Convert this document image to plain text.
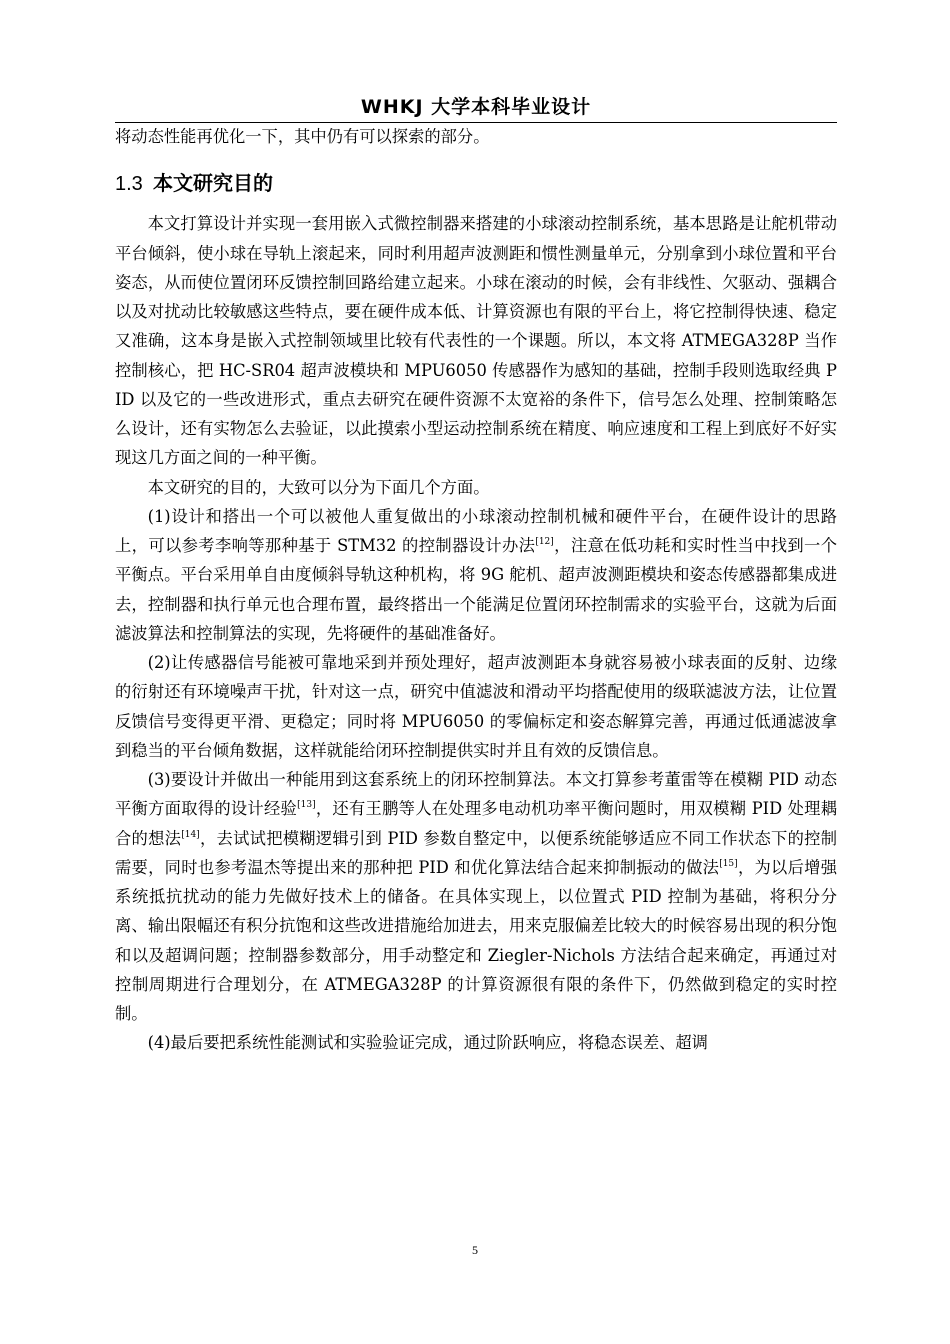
WHKJ 大学本科毕业设计

将动态性能再优化一下，其中仍有可以探索的部分。

1.3 本文研究目的

本文打算设计并实现一套用嵌入式微控制器来搭建的小球滚动控制系统，基本思路是让舵机带动平台倾斜，使小球在导轨上滚起来，同时利用超声波测距和惯性测量单元，分别拿到小球位置和平台姿态，从而使位置闭环反馈控制回路给建立起来。小球在滚动的时候，会有非线性、欠驱动、强耦合以及对扰动比较敏感这些特点，要在硬件成本低、计算资源也有限的平台上，将它控制得快速、稳定又准确，这本身是嵌入式控制领域里比较有代表性的一个课题。所以，本文将 ATMEGA328P 当作控制核心，把 HC-SR04 超声波模块和 MPU6050 传感器作为感知的基础，控制手段则选取经典 PID 以及它的一些改进形式，重点去研究在硬件资源不太宽裕的条件下，信号怎么处理、控制策略怎么设计，还有实物怎么去验证，以此摸索小型运动控制系统在精度、响应速度和工程上到底好不好实现这几方面之间的一种平衡。

本文研究的目的，大致可以分为下面几个方面。

(1)设计和搭出一个可以被他人重复做出的小球滚动控制机械和硬件平台，在硬件设计的思路上，可以参考李响等那种基于 STM32 的控制器设计办法[12]，注意在低功耗和实时性当中找到一个平衡点。平台采用单自由度倾斜导轨这种机构，将 9G 舵机、超声波测距模块和姿态传感器都集成进去，控制器和执行单元也合理布置，最终搭出一个能满足位置闭环控制需求的实验平台，这就为后面滤波算法和控制算法的实现，先将硬件的基础准备好。

(2)让传感器信号能被可靠地采到并预处理好，超声波测距本身就容易被小球表面的反射、边缘的衍射还有环境噪声干扰，针对这一点，研究中值滤波和滑动平均搭配使用的级联滤波方法，让位置反馈信号变得更平滑、更稳定；同时将 MPU6050 的零偏标定和姿态解算完善，再通过低通滤波拿到稳当的平台倾角数据，这样就能给闭环控制提供实时并且有效的反馈信息。

(3)要设计并做出一种能用到这套系统上的闭环控制算法。本文打算参考董雷等在模糊 PID 动态平衡方面取得的设计经验[13]，还有王鹏等人在处理多电动机功率平衡问题时，用双模糊 PID 处理耦合的想法[14]，去试试把模糊逻辑引到 PID 参数自整定中，以便系统能够适应不同工作状态下的控制需要，同时也参考温杰等提出来的那种把 PID 和优化算法结合起来抑制振动的做法[15]，为以后增强系统抵抗扰动的能力先做好技术上的储备。在具体实现上，以位置式 PID 控制为基础，将积分分离、输出限幅还有积分抗饱和这些改进措施给加进去，用来克服偏差比较大的时候容易出现的积分饱和以及超调问题；控制器参数部分，用手动整定和 Ziegler-Nichols 方法结合起来确定，再通过对控制周期进行合理划分，在 ATMEGA328P 的计算资源很有限的条件下，仍然做到稳定的实时控制。

(4)最后要把系统性能测试和实验验证完成，通过阶跃响应，将稳态误差、超调

5
